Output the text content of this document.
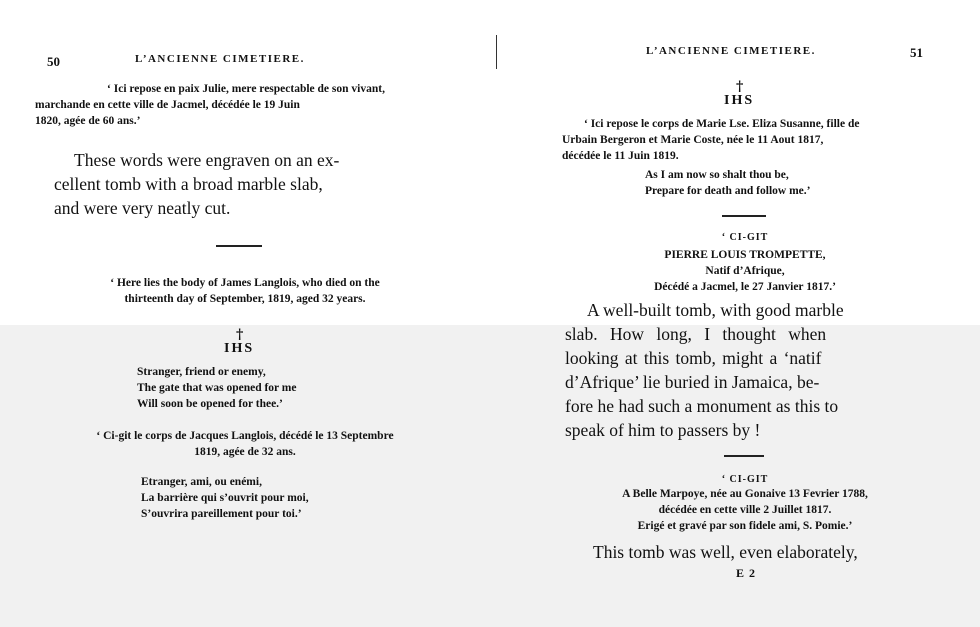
50	L’ANCIENNE CIMETIERE.
‘ Ici repose en paix Julie, mere respectable de son vivant,
marchande en cette ville de Jacmel, décédée le 19 Juin
1820, agée de 60 ans.’
These words were engraven on an ex-
cellent tomb with a broad marble slab,
and were very neatly cut.
‘ Here lies the body of James Langlois, who died on the
thirteenth day of September, 1819, aged 32 years.
†
IHS
Stranger, friend or enemy,
The gate that was opened for me
Will soon be opened for thee.’
‘ Ci-git le corps de Jacques Langlois, décédé le 13 Septembre
1819, agée de 32 ans.
Etranger, ami, ou enémi,
La barrière qui s’ouvrit pour moi,
S’ouvrira pareillement pour toi.’
L’ANCIENNE CIMETIERE.	51
†
IHS
‘ Ici repose le corps de Marie Lse. Eliza Susanne, fille de
Urbain Bergeron et Marie Coste, née le 11 Aout 1817,
décédée le 11 Juin 1819.
As I am now so shalt thou be,
Prepare for death and follow me.’
‘ CI-GIT
PIERRE LOUIS TROMPETTE,
Natif d’Afrique,
Décédé a Jacmel, le 27 Janvier 1817.’
A well-built tomb, with good marble
slab. How long, I thought when
looking at this tomb, might a ‘natif
d’Afrique’ lie buried in Jamaica, be-
fore he had such a monument as this to
speak of him to passers by !
‘ CI-GIT
A Belle Marpoye, née au Gonaive 13 Fevrier 1788,
décédée en cette ville 2 Juillet 1817.
Erigé et gravé par son fidele ami, S. Pomie.’
This tomb was well, even elaborately,
E 2
